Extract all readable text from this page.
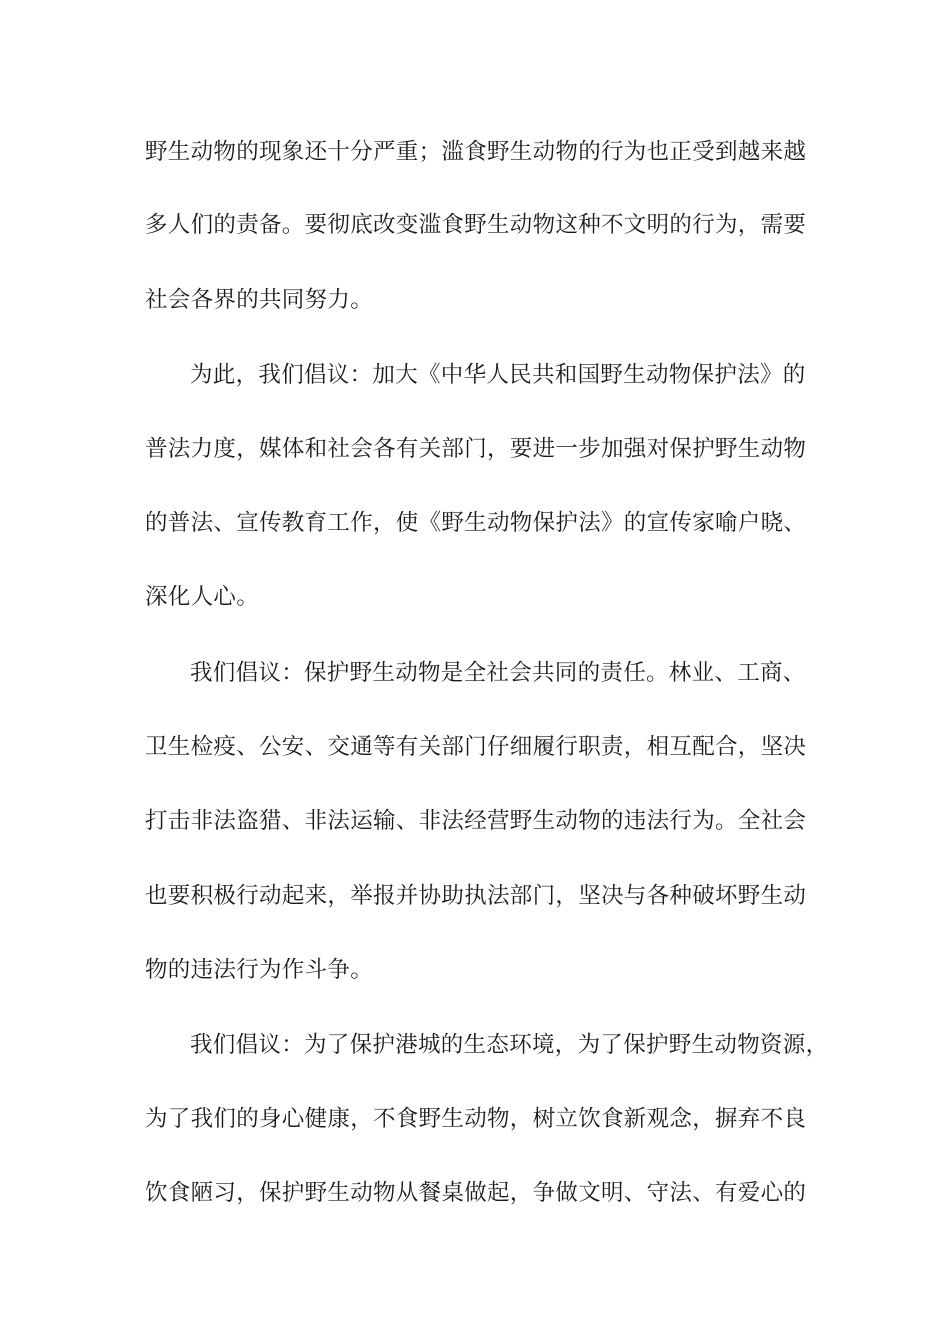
野生动物的现象还十分严重；滥食野生动物的行为也正受到越来越
多人们的责备。要彻底改变滥食野生动物这种不文明的行为，需要
社会各界的共同努力。
为此，我们倡议：加大《中华人民共和国野生动物保护法》的
普法力度，媒体和社会各有关部门，要进一步加强对保护野生动物
的普法、宣传教育工作，使《野生动物保护法》的宣传家喻户晓、
深化人心。
我们倡议：保护野生动物是全社会共同的责任。林业、工商、
卫生检疫、公安、交通等有关部门仔细履行职责，相互配合，坚决
打击非法盗猎、非法运输、非法经营野生动物的违法行为。全社会
也要积极行动起来，举报并协助执法部门，坚决与各种破坏野生动
物的违法行为作斗争。
我们倡议：为了保护港城的生态环境，为了保护野生动物资源，
为了我们的身心健康，不食野生动物，树立饮食新观念，摒弃不良
饮食陋习，保护野生动物从餐桌做起，争做文明、守法、有爱心的
